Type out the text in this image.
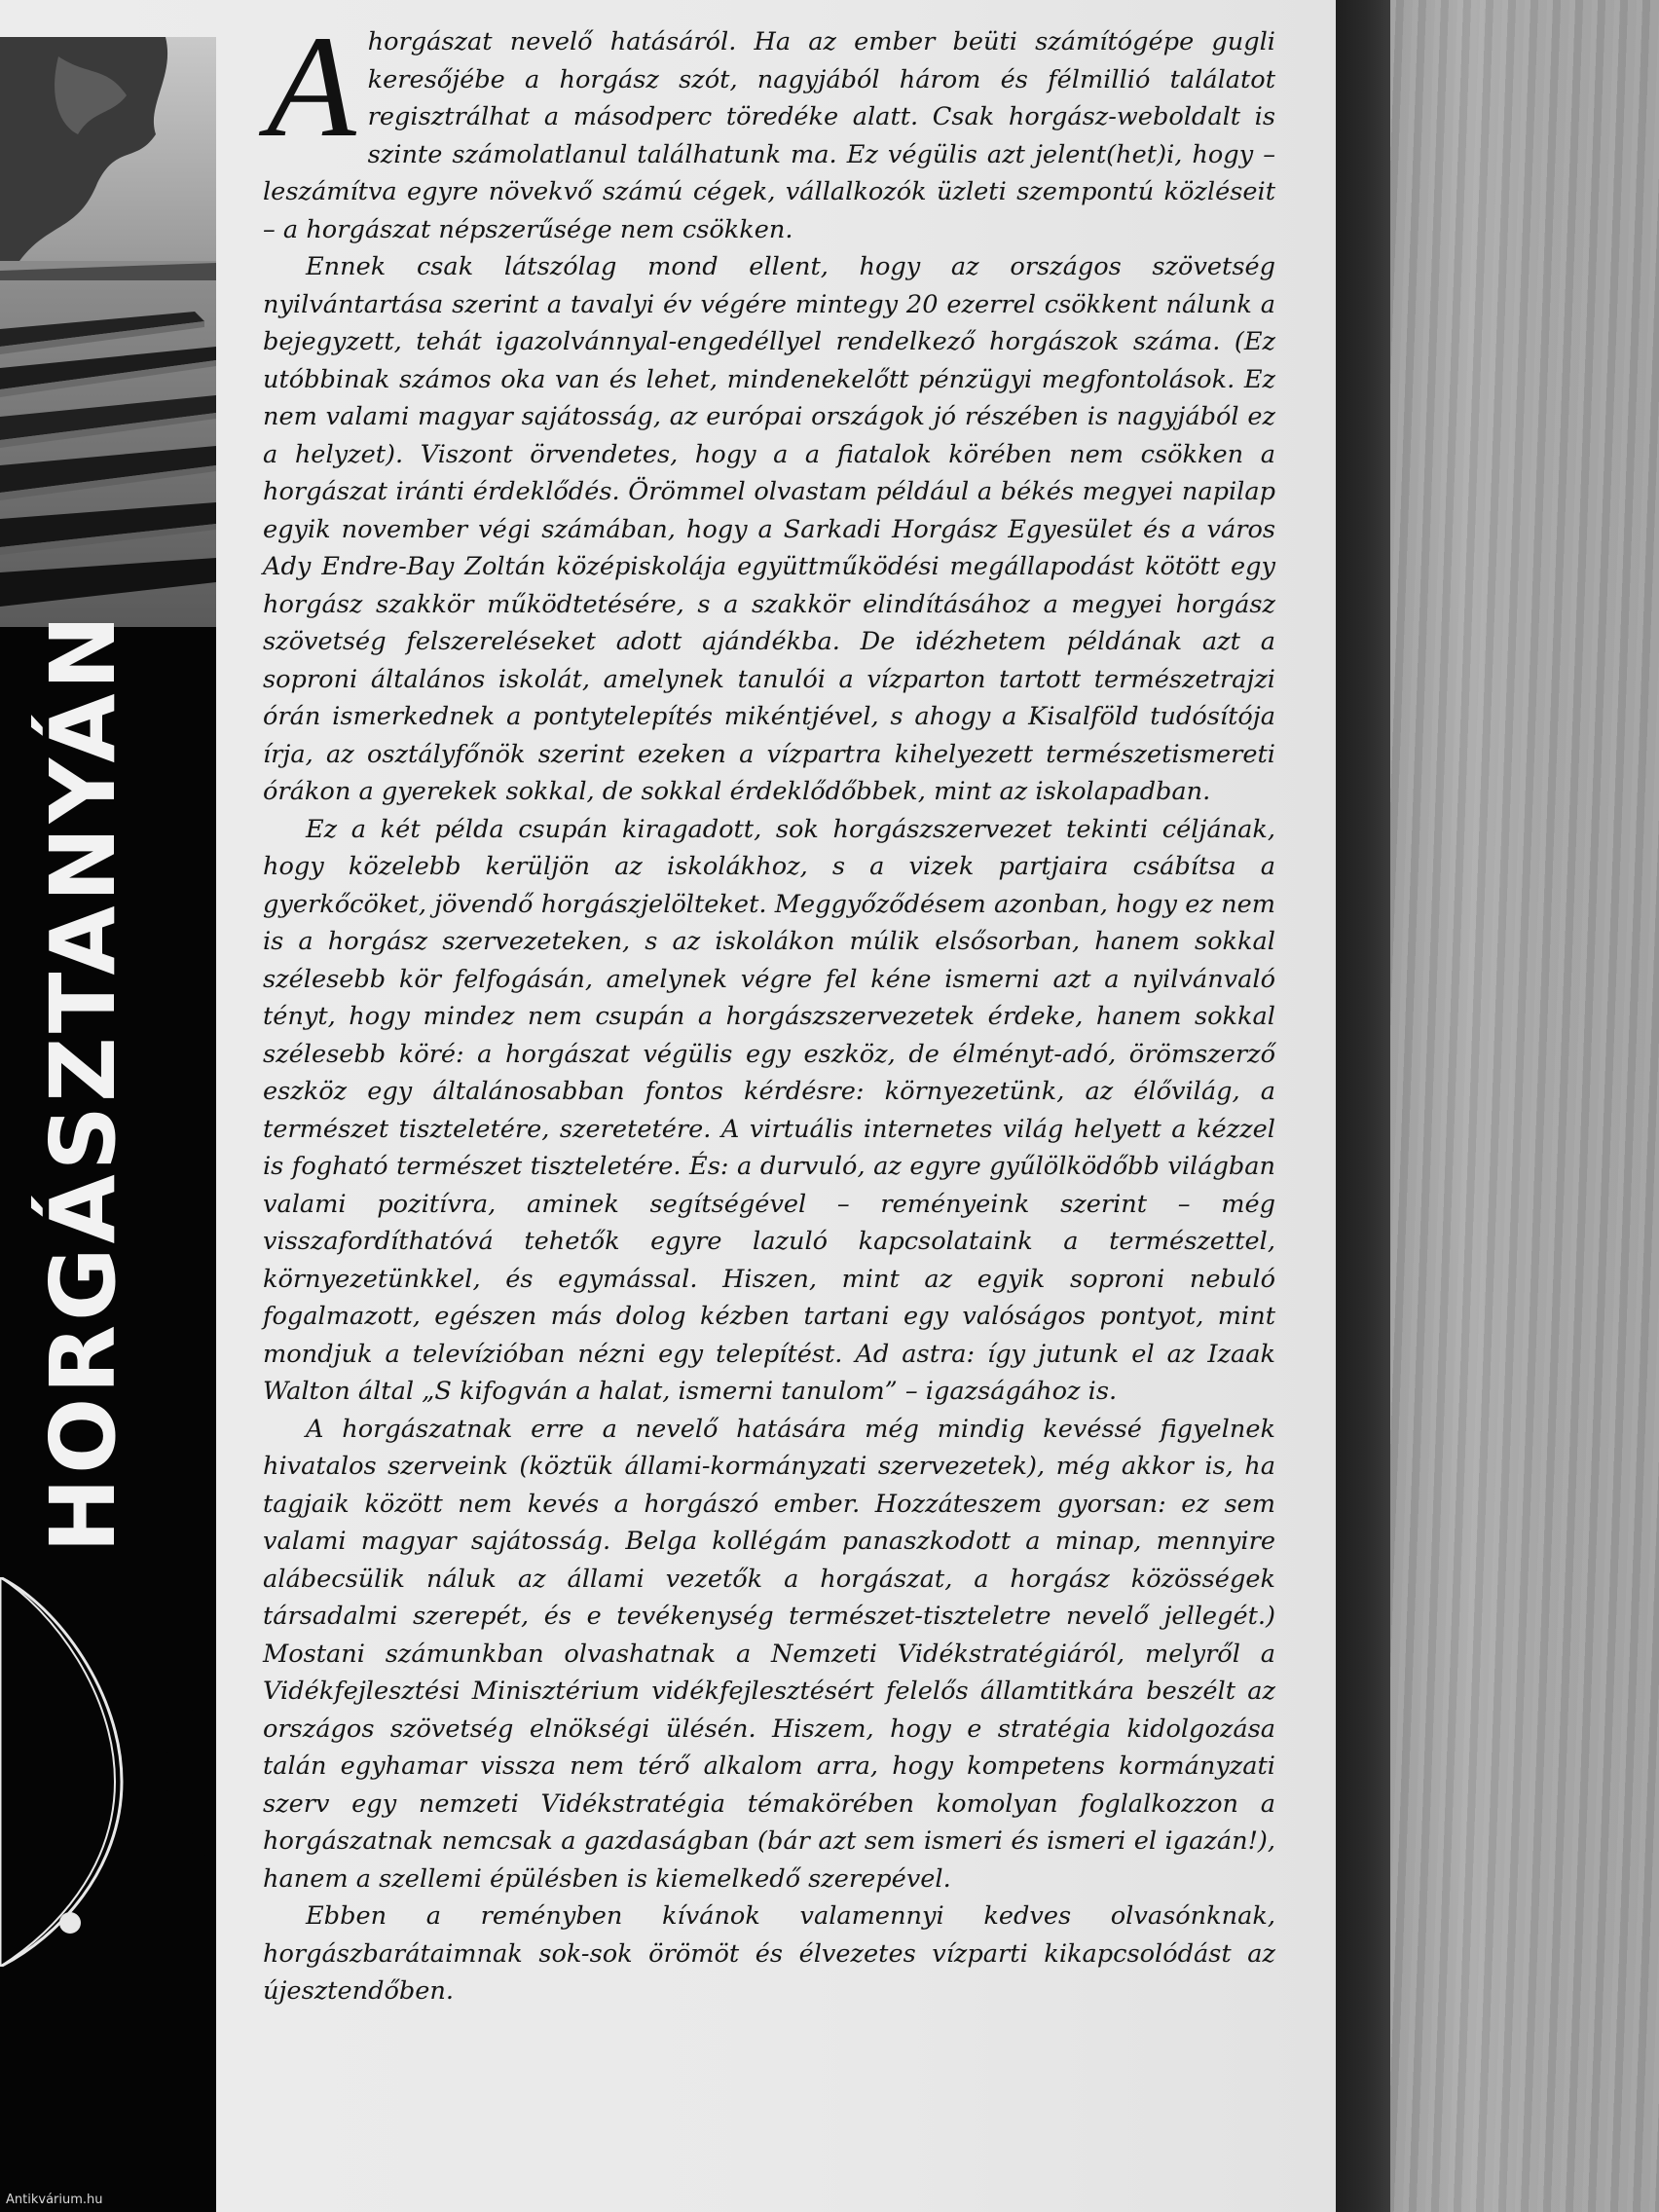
HORGÁSZTANYÁN

Ahorgászat nevelő hatásáról. Ha az ember beüti számítógépe gugli keresőjébe a horgász szót, nagyjából három és félmillió találatot regisztrálhat a másodperc töredéke alatt. Csak horgász-weboldalt is szinte számolatlanul találhatunk ma. Ez végülis azt jelent(het)i, hogy – leszámítva egyre növekvő számú cégek, vállalkozók üzleti szempontú közléseit – a horgászat népszerűsége nem csökken.

Ennek csak látszólag mond ellent, hogy az országos szövetség nyilvántartása szerint a tavalyi év végére mintegy 20 ezerrel csökkent nálunk a bejegyzett, tehát igazolvánnyal-engedéllyel rendelkező horgászok száma. (Ez utóbbinak számos oka van és lehet, mindenekelőtt pénzügyi megfontolások. Ez nem valami magyar sajátosság, az európai országok jó részében is nagyjából ez a helyzet). Viszont örvendetes, hogy a a fiatalok körében nem csökken a horgászat iránti érdeklődés. Örömmel olvastam például a békés megyei napilap egyik november végi számában, hogy a Sarkadi Horgász Egyesület és a város Ady Endre-Bay Zoltán középiskolája együttműködési megállapodást kötött egy horgász szakkör működtetésére, s a szakkör elindításához a megyei horgász szövetség felszereléseket adott ajándékba. De idézhetem példának azt a soproni általános iskolát, amelynek tanulói a vízparton tartott természetrajzi órán ismerkednek a pontytelepítés mikéntjével, s ahogy a Kisalföld tudósítója írja, az osztályfőnök szerint ezeken a vízpartra kihelyezett természetismereti órákon a gyerekek sokkal, de sokkal érdeklődőbbek, mint az iskolapadban.

Ez a két példa csupán kiragadott, sok horgászszervezet tekinti céljának, hogy közelebb kerüljön az iskolákhoz, s a vizek partjaira csábítsa a gyerkőcöket, jövendő horgászjelölteket. Meggyőződésem azonban, hogy ez nem is a horgász szervezeteken, s az iskolákon múlik elsősorban, hanem sokkal szélesebb kör felfogásán, amelynek végre fel kéne ismerni azt a nyilvánvaló tényt, hogy mindez nem csupán a horgászszervezetek érdeke, hanem sokkal szélesebb köré: a horgászat végülis egy eszköz, de élményt-adó, örömszerző eszköz egy általánosabban fontos kérdésre: környezetünk, az élővilág, a természet tiszteletére, szeretetére. A virtuális internetes világ helyett a kézzel is fogható természet tiszteletére. És: a durvuló, az egyre gyűlölködőbb világban valami pozitívra, aminek segítségével – reményeink szerint – még visszafordíthatóvá tehetők egyre lazuló kapcsolataink a természettel, környezetünkkel, és egymással. Hiszen, mint az egyik soproni nebuló fogalmazott, egészen más dolog kézben tartani egy valóságos pontyot, mint mondjuk a televízióban nézni egy telepítést. Ad astra: így jutunk el az Izaak Walton által „S kifogván a halat, ismerni tanulom” – igazságához is.

A horgászatnak erre a nevelő hatására még mindig kevéssé figyelnek hivatalos szerveink (köztük állami-kormányzati szervezetek), még akkor is, ha tagjaik között nem kevés a horgászó ember. Hozzáteszem gyorsan: ez sem valami magyar sajátosság. Belga kollégám panaszkodott a minap, mennyire alábecsülik náluk az állami vezetők a horgászat, a horgász közösségek társadalmi szerepét, és e tevékenység természet-tiszteletre nevelő jellegét.) Mostani számunkban olvashatnak a Nemzeti Vidékstratégiáról, melyről a Vidékfejlesztési Minisztérium vidékfejlesztésért felelős államtitkára beszélt az országos szövetség elnökségi ülésén. Hiszem, hogy e stratégia kidolgozása talán egyhamar vissza nem térő alkalom arra, hogy kompetens kormányzati szerv egy nemzeti Vidékstratégia témakörében komolyan foglalkozzon a horgászatnak nemcsak a gazdaságban (bár azt sem ismeri és ismeri el igazán!), hanem a szellemi épülésben is kiemelkedő szerepével.

Ebben a reményben kívánok valamennyi kedves olvasónknak, horgászbarátaimnak sok-sok örömöt és élvezetes vízparti kikapcsolódást az újesztendőben.

Antikvárium.hu
